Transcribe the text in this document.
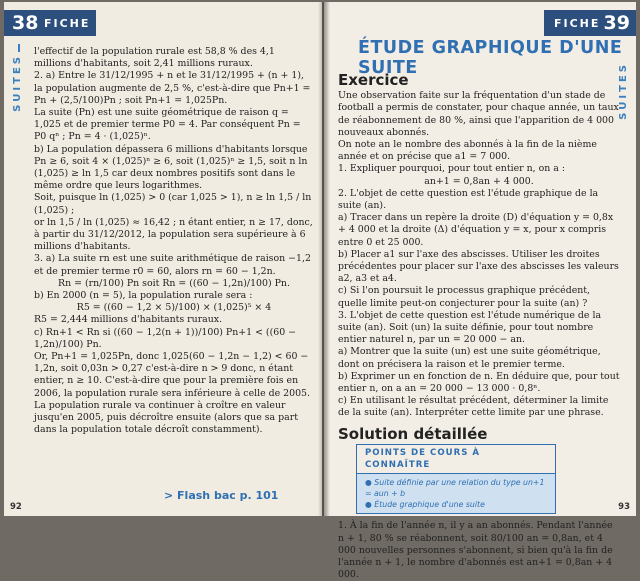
38 FICHE
SUITES

l'effectif de la population rurale est 58,8 % des 4,1 millions d'habitants, soit 2,41 millions ruraux.

2. a) Entre le 31/12/1995 + n et le 31/12/1995 + (n + 1), la population augmente de 2,5 %, c'est-à-dire que Pn+1 = Pn + (2,5/100)Pn ; soit Pn+1 = 1,025Pn.

La suite (Pn) est une suite géométrique de raison q = 1,025 et de premier terme P0 = 4. Par conséquent Pn = P0 qⁿ ; Pn = 4 · (1,025)ⁿ.

b) La population dépassera 6 millions d'habitants lorsque Pn ≥ 6, soit 4 × (1,025)ⁿ ≥ 6, soit (1,025)ⁿ ≥ 1,5, soit n ln (1,025) ≥ ln 1,5 car deux nombres positifs sont dans le même ordre que leurs logarithmes.

Soit, puisque ln (1,025) > 0 (car 1,025 > 1), n ≥ ln 1,5 / ln (1,025) ;

or ln 1,5 / ln (1,025) ≈ 16,42 ; n étant entier, n ≥ 17, donc, à partir du 31/12/2012, la population sera supérieure à 6 millions d'habitants.

3. a) La suite rn est une suite arithmétique de raison −1,2 et de premier terme r0 = 60, alors rn = 60 − 1,2n.

Rn = (rn/100) Pn soit Rn = ((60 − 1,2n)/100) Pn.

b) En 2000 (n = 5), la population rurale sera :

R5 = ((60 − 1,2 × 5)/100) × (1,025)⁵ × 4

R5 = 2,444 millions d'habitants ruraux.

c) Rn+1 < Rn si ((60 − 1,2(n + 1))/100) Pn+1 < ((60 − 1,2n)/100) Pn.

Or, Pn+1 = 1,025Pn, donc 1,025(60 − 1,2n − 1,2) < 60 − 1,2n, soit 0,03n > 0,27 c'est-à-dire n > 9 donc, n étant entier, n ≥ 10. C'est-à-dire que pour la première fois en 2006, la population rurale sera inférieure à celle de 2005.

La population rurale va continuer à croître en valeur jusqu'en 2005, puis décroître ensuite (alors que sa part dans la population totale décroît constamment).

> Flash bac p. 101
92
FICHE 39
SUITES
ÉTUDE GRAPHIQUE D'UNE SUITE
Exercice

Une observation faite sur la fréquentation d'un stade de football a permis de constater, pour chaque année, un taux de réabonnement de 80 %, ainsi que l'apparition de 4 000 nouveaux abonnés.

On note an le nombre des abonnés à la fin de la nième année et on précise que a1 = 7 000.

1. Expliquer pourquoi, pour tout entier n, on a :

an+1 = 0,8an + 4 000.

2. L'objet de cette question est l'étude graphique de la suite (an).

a) Tracer dans un repère la droite (D) d'équation y = 0,8x + 4 000 et la droite (Δ) d'équation y = x, pour x compris entre 0 et 25 000.

b) Placer a1 sur l'axe des abscisses. Utiliser les droites précédentes pour placer sur l'axe des abscisses les valeurs a2, a3 et a4.

c) Si l'on poursuit le processus graphique précédent, quelle limite peut-on conjecturer pour la suite (an) ?

3. L'objet de cette question est l'étude numérique de la suite (an). Soit (un) la suite définie, pour tout nombre entier naturel n, par un = 20 000 − an.

a) Montrer que la suite (un) est une suite géométrique, dont on précisera la raison et le premier terme.

b) Exprimer un en fonction de n. En déduire que, pour tout entier n, on a an = 20 000 − 13 000 · 0,8ⁿ.

c) En utilisant le résultat précédent, déterminer la limite de la suite (an). Interpréter cette limite par une phrase.

Solution détaillée
POINTS DE COURS À CONNAÎTRE
● Suite définie par une relation du type un+1 = aun + b
● Étude graphique d'une suite

1. À la fin de l'année n, il y a an abonnés. Pendant l'année n + 1, 80 % se réabonnent, soit 80/100 an = 0,8an, et 4 000 nouvelles personnes s'abonnent, si bien qu'à la fin de l'année n + 1, le nombre d'abonnés est an+1 = 0,8an + 4 000.

93
